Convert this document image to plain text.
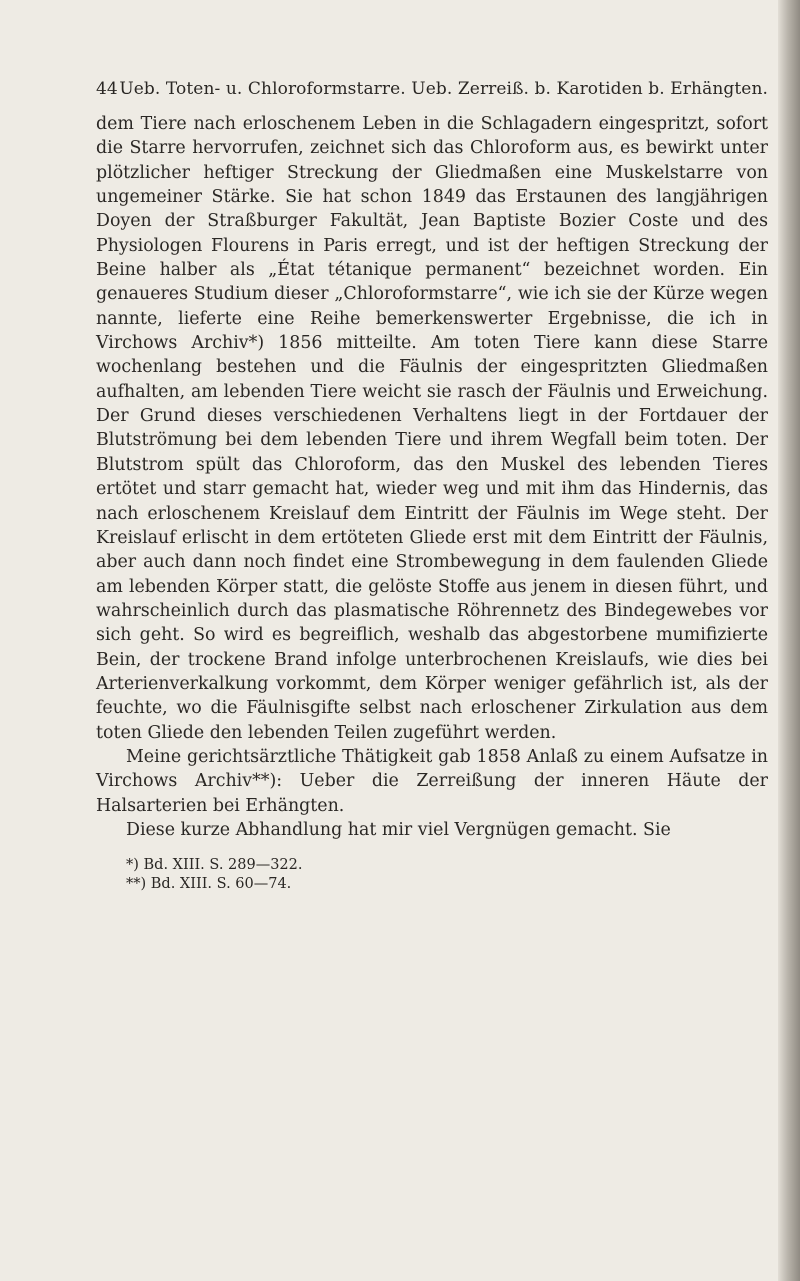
44 Ueb. Toten- u. Chloroformstarre. Ueb. Zerreiß. b. Karotiden b. Erhängten.

dem Tiere nach erloschenem Leben in die Schlagadern eingespritzt, sofort die Starre hervorrufen, zeichnet sich das Chloroform aus, es bewirkt unter plötzlicher heftiger Streckung der Gliedmaßen eine Muskelstarre von ungemeiner Stärke. Sie hat schon 1849 das Erstaunen des langjährigen Doyen der Straßburger Fakultät, Jean Baptiste Bozier Coste und des Physiologen Flourens in Paris erregt, und ist der heftigen Streckung der Beine halber als „État tétanique permanent“ bezeichnet worden. Ein genaueres Studium dieser „Chloroformstarre“, wie ich sie der Kürze wegen nannte, lieferte eine Reihe bemerkenswerter Ergebnisse, die ich in Virchows Archiv*) 1856 mitteilte. Am toten Tiere kann diese Starre wochenlang bestehen und die Fäulnis der eingespritzten Gliedmaßen aufhalten, am lebenden Tiere weicht sie rasch der Fäulnis und Erweichung. Der Grund dieses verschiedenen Verhaltens liegt in der Fortdauer der Blutströmung bei dem lebenden Tiere und ihrem Wegfall beim toten. Der Blutstrom spült das Chloroform, das den Muskel des lebenden Tieres ertötet und starr gemacht hat, wieder weg und mit ihm das Hindernis, das nach erloschenem Kreislauf dem Eintritt der Fäulnis im Wege steht. Der Kreislauf erlischt in dem ertöteten Gliede erst mit dem Eintritt der Fäulnis, aber auch dann noch findet eine Strombewegung in dem faulenden Gliede am lebenden Körper statt, die gelöste Stoffe aus jenem in diesen führt, und wahrscheinlich durch das plasmatische Röhrennetz des Bindegewebes vor sich geht. So wird es begreiflich, weshalb das abgestorbene mumifizierte Bein, der trockene Brand infolge unterbrochenen Kreislaufs, wie dies bei Arterienverkalkung vorkommt, dem Körper weniger gefährlich ist, als der feuchte, wo die Fäulnisgifte selbst nach erloschener Zirkulation aus dem toten Gliede den lebenden Teilen zugeführt werden.

Meine gerichtsärztliche Thätigkeit gab 1858 Anlaß zu einem Aufsatze in Virchows Archiv**): Ueber die Zerreißung der inneren Häute der Halsarterien bei Erhängten.

Diese kurze Abhandlung hat mir viel Vergnügen gemacht. Sie

*) Bd. XIII. S. 289—322.
**) Bd. XIII. S. 60—74.
